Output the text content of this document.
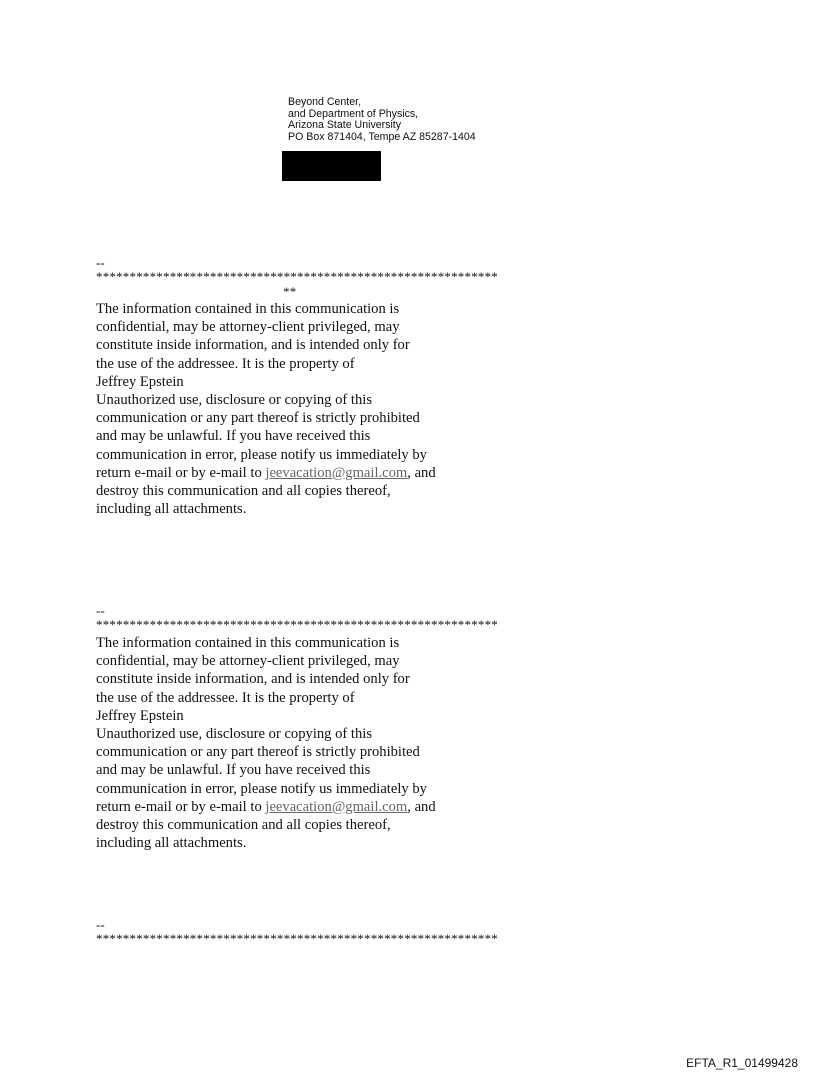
Beyond Center,
and Department of Physics,
Arizona State University
PO Box 871404, Tempe AZ 85287-1404
--
************************************************************
**
The information contained in this communication is
confidential, may be attorney-client privileged, may
constitute inside information, and is intended only for
the use of the addressee. It is the property of
Jeffrey Epstein
Unauthorized use, disclosure or copying of this
communication or any part thereof is strictly prohibited
and may be unlawful. If you have received this
communication in error, please notify us immediately by
return e-mail or by e-mail to jeevacation@gmail.com, and
destroy this communication and all copies thereof,
including all attachments.
--
************************************************************
The information contained in this communication is
confidential, may be attorney-client privileged, may
constitute inside information, and is intended only for
the use of the addressee. It is the property of
Jeffrey Epstein
Unauthorized use, disclosure or copying of this
communication or any part thereof is strictly prohibited
and may be unlawful. If you have received this
communication in error, please notify us immediately by
return e-mail or by e-mail to jeevacation@gmail.com, and
destroy this communication and all copies thereof,
including all attachments.
--
************************************************************
EFTA_R1_01499428
